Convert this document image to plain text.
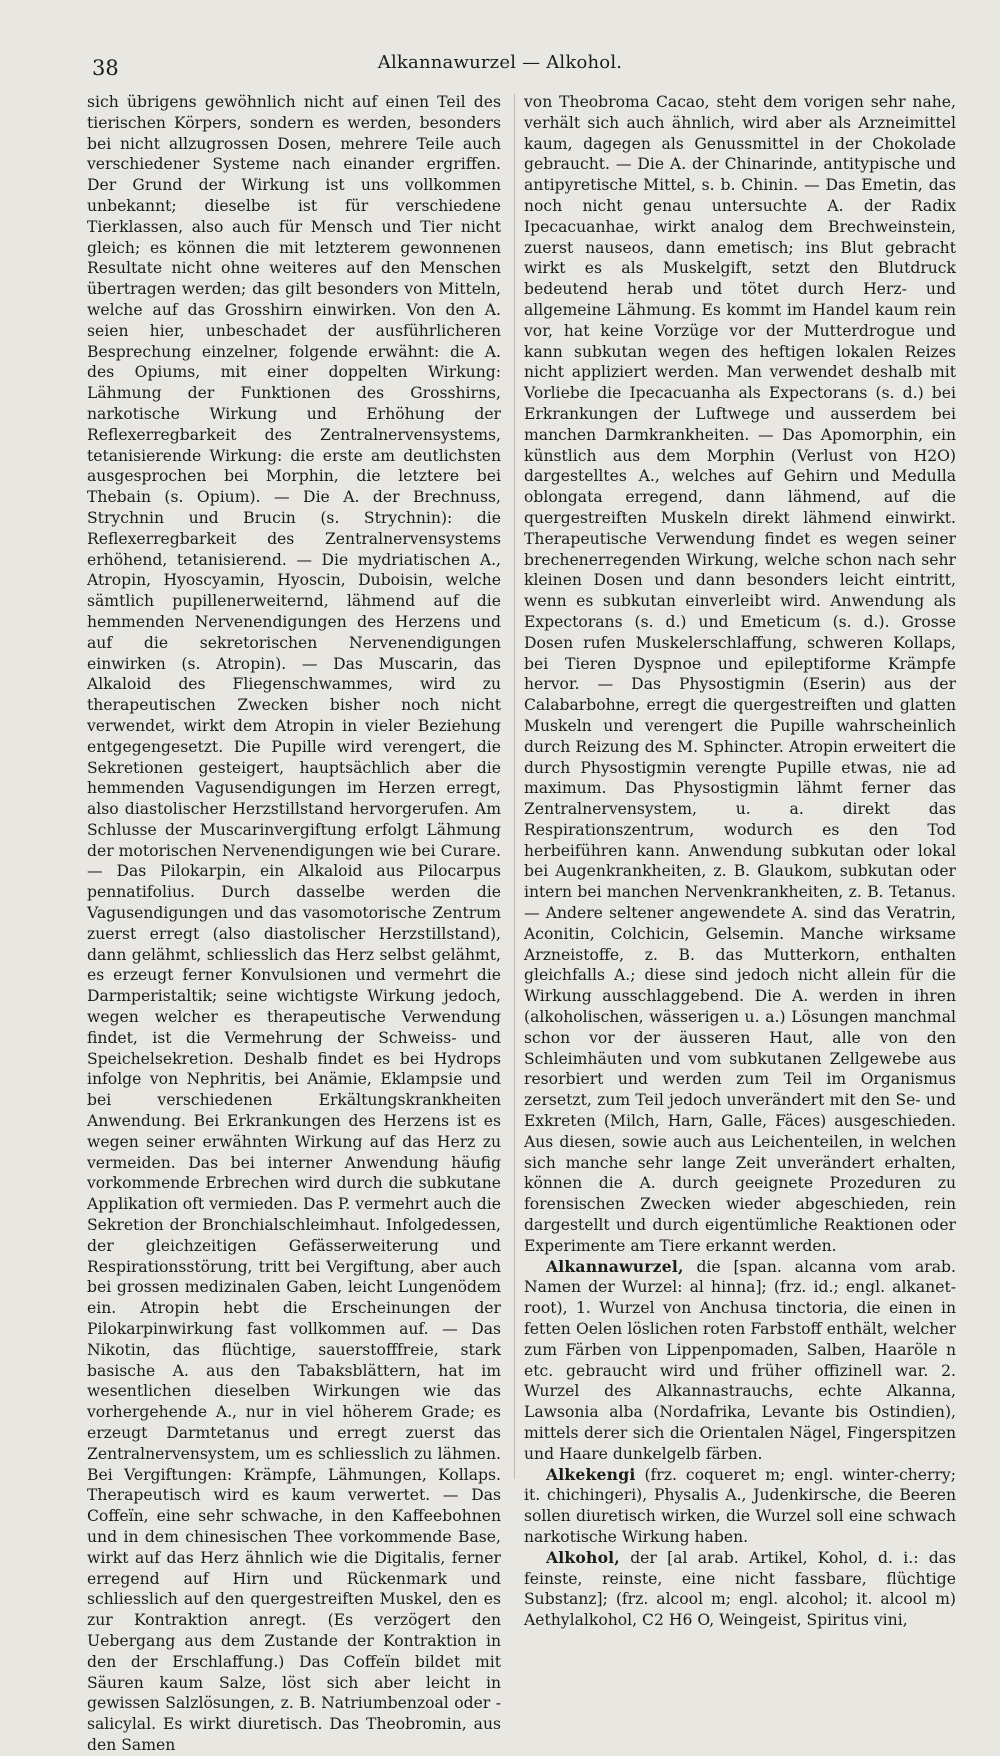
38	Alkannawurzel — Alkohol.

sich übrigens gewöhnlich nicht auf einen Teil des tierischen Körpers, sondern es werden, besonders bei nicht allzugrossen Dosen, mehrere Teile auch verschiedener Systeme nach einander ergriffen. Der Grund der Wirkung ist uns vollkommen unbekannt; dieselbe ist für verschiedene Tierklassen, also auch für Mensch und Tier nicht gleich; es können die mit letzterem gewonnenen Resultate nicht ohne weiteres auf den Menschen übertragen werden; das gilt besonders von Mitteln, welche auf das Grosshirn einwirken. Von den A. seien hier, unbeschadet der ausführlicheren Besprechung einzelner, folgende erwähnt: die A. des Opiums, mit einer doppelten Wirkung: Lähmung der Funktionen des Grosshirns, narkotische Wirkung und Erhöhung der Reflexerregbarkeit des Zentralnervensystems, tetanisierende Wirkung: die erste am deutlichsten ausgesprochen bei Morphin, die letztere bei Thebain (s. Opium). — Die A. der Brechnuss, Strychnin und Brucin (s. Strychnin): die Reflexerregbarkeit des Zentralnervensystems erhöhend, tetanisierend. — Die mydriatischen A., Atropin, Hyoscyamin, Hyoscin, Duboisin, welche sämtlich pupillenerweiternd, lähmend auf die hemmenden Nervenendigungen des Herzens und auf die sekretorischen Nervenendigungen einwirken (s. Atropin). — Das Muscarin, das Alkaloid des Fliegenschwammes, wird zu therapeutischen Zwecken bisher noch nicht verwendet, wirkt dem Atropin in vieler Beziehung entgegengesetzt. Die Pupille wird verengert, die Sekretionen gesteigert, hauptsächlich aber die hemmenden Vagusendigungen im Herzen erregt, also diastolischer Herzstillstand hervorgerufen. Am Schlusse der Muscarinvergiftung erfolgt Lähmung der motorischen Nervenendigungen wie bei Curare. — Das Pilokarpin, ein Alkaloid aus Pilocarpus pennatifolius. Durch dasselbe werden die Vagusendigungen und das vasomotorische Zentrum zuerst erregt (also diastolischer Herzstillstand), dann gelähmt, schliesslich das Herz selbst gelähmt, es erzeugt ferner Konvulsionen und vermehrt die Darmperistaltik; seine wichtigste Wirkung jedoch, wegen welcher es therapeutische Verwendung findet, ist die Vermehrung der Schweiss- und Speichelsekretion. Deshalb findet es bei Hydrops infolge von Nephritis, bei Anämie, Eklampsie und bei verschiedenen Erkältungskrankheiten Anwendung. Bei Erkrankungen des Herzens ist es wegen seiner erwähnten Wirkung auf das Herz zu vermeiden. Das bei interner Anwendung häufig vorkommende Erbrechen wird durch die subkutane Applikation oft vermieden. Das P. vermehrt auch die Sekretion der Bronchialschleimhaut. Infolgedessen, der gleichzeitigen Gefässerweiterung und Respirationsstörung, tritt bei Vergiftung, aber auch bei grossen medizinalen Gaben, leicht Lungenödem ein. Atropin hebt die Erscheinungen der Pilokarpinwirkung fast vollkommen auf. — Das Nikotin, das flüchtige, sauerstofffreie, stark basische A. aus den Tabaksblättern, hat im wesentlichen dieselben Wirkungen wie das vorhergehende A., nur in viel höherem Grade; es erzeugt Darmtetanus und erregt zuerst das Zentralnervensystem, um es schliesslich zu lähmen. Bei Vergiftungen: Krämpfe, Lähmungen, Kollaps. Therapeutisch wird es kaum verwertet. — Das Coffeïn, eine sehr schwache, in den Kaffeebohnen und in dem chinesischen Thee vorkommende Base, wirkt auf das Herz ähnlich wie die Digitalis, ferner erregend auf Hirn und Rückenmark und schliesslich auf den quergestreiften Muskel, den es zur Kontraktion anregt. (Es verzögert den Uebergang aus dem Zustande der Kontraktion in den der Erschlaffung.) Das Coffeïn bildet mit Säuren kaum Salze, löst sich aber leicht in gewissen Salzlösungen, z. B. Natriumbenzoal oder -salicylal. Es wirkt diuretisch. Das Theobromin, aus den Samen

von Theobroma Cacao, steht dem vorigen sehr nahe, verhält sich auch ähnlich, wird aber als Arzneimittel kaum, dagegen als Genussmittel in der Chokolade gebraucht. — Die A. der Chinarinde, antitypische und antipyretische Mittel, s. b. Chinin. — Das Emetin, das noch nicht genau untersuchte A. der Radix Ipecacuanhae, wirkt analog dem Brechweinstein, zuerst nauseos, dann emetisch; ins Blut gebracht wirkt es als Muskelgift, setzt den Blutdruck bedeutend herab und tötet durch Herz- und allgemeine Lähmung. Es kommt im Handel kaum rein vor, hat keine Vorzüge vor der Mutterdrogue und kann subkutan wegen des heftigen lokalen Reizes nicht appliziert werden. Man verwendet deshalb mit Vorliebe die Ipecacuanha als Expectorans (s. d.) bei Erkrankungen der Luftwege und ausserdem bei manchen Darmkrankheiten. — Das Apomorphin, ein künstlich aus dem Morphin (Verlust von H2O) dargestelltes A., welches auf Gehirn und Medulla oblongata erregend, dann lähmend, auf die quergestreiften Muskeln direkt lähmend einwirkt. Therapeutische Verwendung findet es wegen seiner brechenerregenden Wirkung, welche schon nach sehr kleinen Dosen und dann besonders leicht eintritt, wenn es subkutan einverleibt wird. Anwendung als Expectorans (s. d.) und Emeticum (s. d.). Grosse Dosen rufen Muskelerschlaffung, schweren Kollaps, bei Tieren Dyspnoe und epileptiforme Krämpfe hervor. — Das Physostigmin (Eserin) aus der Calabarbohne, erregt die quergestreiften und glatten Muskeln und verengert die Pupille wahrscheinlich durch Reizung des M. Sphincter. Atropin erweitert die durch Physostigmin verengte Pupille etwas, nie ad maximum. Das Physostigmin lähmt ferner das Zentralnervensystem, u. a. direkt das Respirationszentrum, wodurch es den Tod herbeiführen kann. Anwendung subkutan oder lokal bei Augenkrankheiten, z. B. Glaukom, subkutan oder intern bei manchen Nervenkrankheiten, z. B. Tetanus. — Andere seltener angewendete A. sind das Veratrin, Aconitin, Colchicin, Gelsemin. Manche wirksame Arzneistoffe, z. B. das Mutterkorn, enthalten gleichfalls A.; diese sind jedoch nicht allein für die Wirkung ausschlaggebend. Die A. werden in ihren (alkoholischen, wässerigen u. a.) Lösungen manchmal schon vor der äusseren Haut, alle von den Schleimhäuten und vom subkutanen Zellgewebe aus resorbiert und werden zum Teil im Organismus zersetzt, zum Teil jedoch unverändert mit den Se- und Exkreten (Milch, Harn, Galle, Fäces) ausgeschieden. Aus diesen, sowie auch aus Leichenteilen, in welchen sich manche sehr lange Zeit unverändert erhalten, können die A. durch geeignete Prozeduren zu forensischen Zwecken wieder abgeschieden, rein dargestellt und durch eigentümliche Reaktionen oder Experimente am Tiere erkannt werden.

Alkannawurzel, die [span. alcanna vom arab. Namen der Wurzel: al hinna]; (frz. id.; engl. alkanet-root), 1. Wurzel von Anchusa tinctoria, die einen in fetten Oelen löslichen roten Farbstoff enthält, welcher zum Färben von Lippenpomaden, Salben, Haaröle n etc. gebraucht wird und früher offizinell war. 2. Wurzel des Alkannastrauchs, echte Alkanna, Lawsonia alba (Nordafrika, Levante bis Ostindien), mittels derer sich die Orientalen Nägel, Fingerspitzen und Haare dunkelgelb färben.

Alkekengi (frz. coqueret m; engl. winter-cherry; it. chichingeri), Physalis A., Judenkirsche, die Beeren sollen diuretisch wirken, die Wurzel soll eine schwach narkotische Wirkung haben.

Alkohol, der [al arab. Artikel, Kohol, d. i.: das feinste, reinste, eine nicht fassbare, flüchtige Substanz]; (frz. alcool m; engl. alcohol; it. alcool m) Aethylalkohol, C2 H6 O, Weingeist, Spiritus vini,
